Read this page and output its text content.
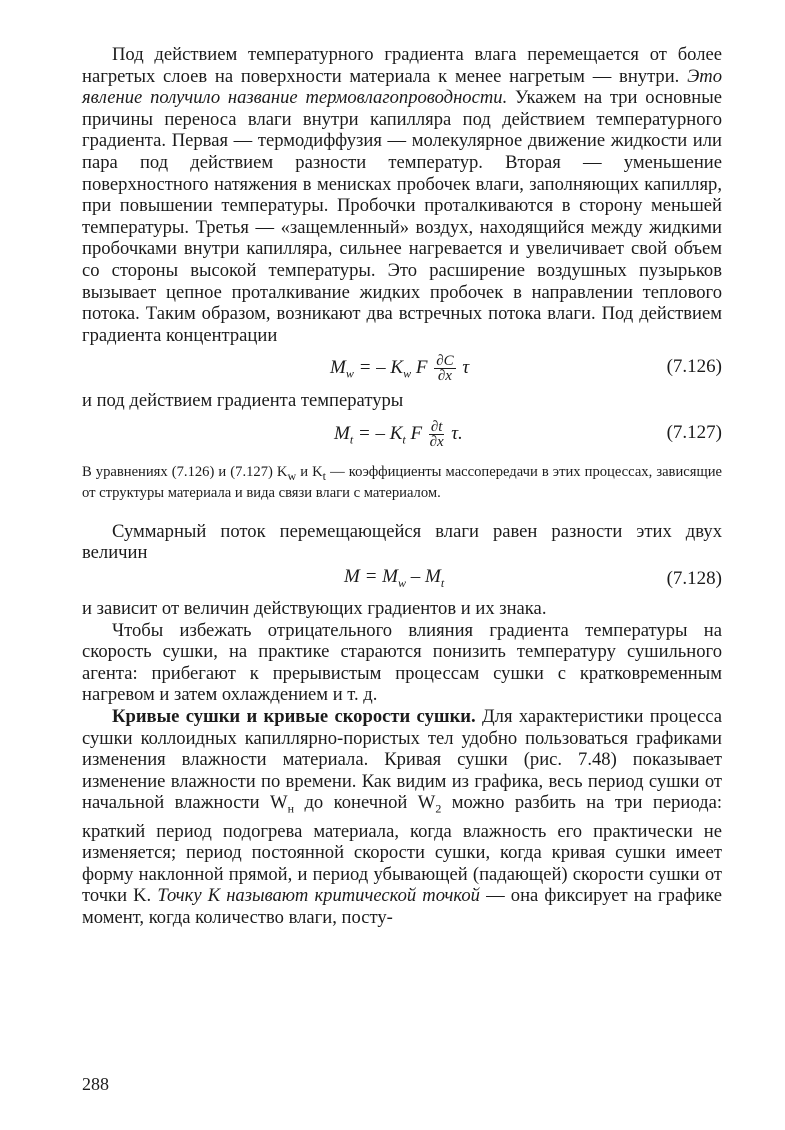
Под действием температурного градиента влага перемещается от более нагретых слоев на поверхности материала к менее нагретым — внутри. Это явление получило название термовлагопроводности. Укажем на три основные причины переноса влаги внутри капилляра под действием температурного градиента. Первая — термодиффузия — молекулярное движение жидкости или пара под действием разности температур. Вторая — уменьшение поверхностного натяжения в менисках пробочек влаги, заполняющих капилляр, при повышении температуры. Пробочки проталкиваются в сторону меньшей температуры. Третья — «защемленный» воздух, находящийся между жидкими пробочками внутри капилляра, сильнее нагревается и увеличивает свой объем со стороны высокой температуры. Это расширение воздушных пузырьков вызывает цепное проталкивание жидких пробочек в направлении теплового потока. Таким образом, возникают два встречных потока влаги. Под действием градиента концентрации

$M_w$ = – $K_w$ F $\frac{\partial C}{\partial x}$ τ	(7.126)

и под действием градиента температуры

$M_t$ = – $K_t$ F $\frac{\partial t}{\partial x} \tau$.	(7.127)

В уравнениях (7.126) и (7.127) $K_w$ и $K_t$ — коэффициенты массопередачи в этих процессах, зависящие от структуры материала и вида связи влаги с материалом.

Суммарный поток перемещающейся влаги равен разности этих двух величин

$M = M_w - M_t$	(7.128)

и зависит от величин действующих градиентов и их знака.

Чтобы избежать отрицательного влияния градиента температуры на скорость сушки, на практике стараются понизить температуру сушильного агента: прибегают к прерывистым процессам сушки с кратковременным нагревом и затем охлаждением и т. д.

Кривые сушки и кривые скорости сушки. Для характеристики процесса сушки коллоидных капиллярно-пористых тел удобно пользоваться графиками изменения влажности материала. Кривая сушки (рис. 7.48) показывает изменение влажности по времени. Как видим из графика, весь период сушки от начальной влажности $W_н$ до конечной $W_2$ можно разбить на три периода: краткий период подогрева материала, когда влажность его практически не изменяется; период постоянной скорости сушки, когда кривая сушки имеет форму наклонной прямой, и период убывающей (падающей) скорости сушки от точки K. Точку K называют критической точкой — она фиксирует на графике момент, когда количество влаги, посту-

288
